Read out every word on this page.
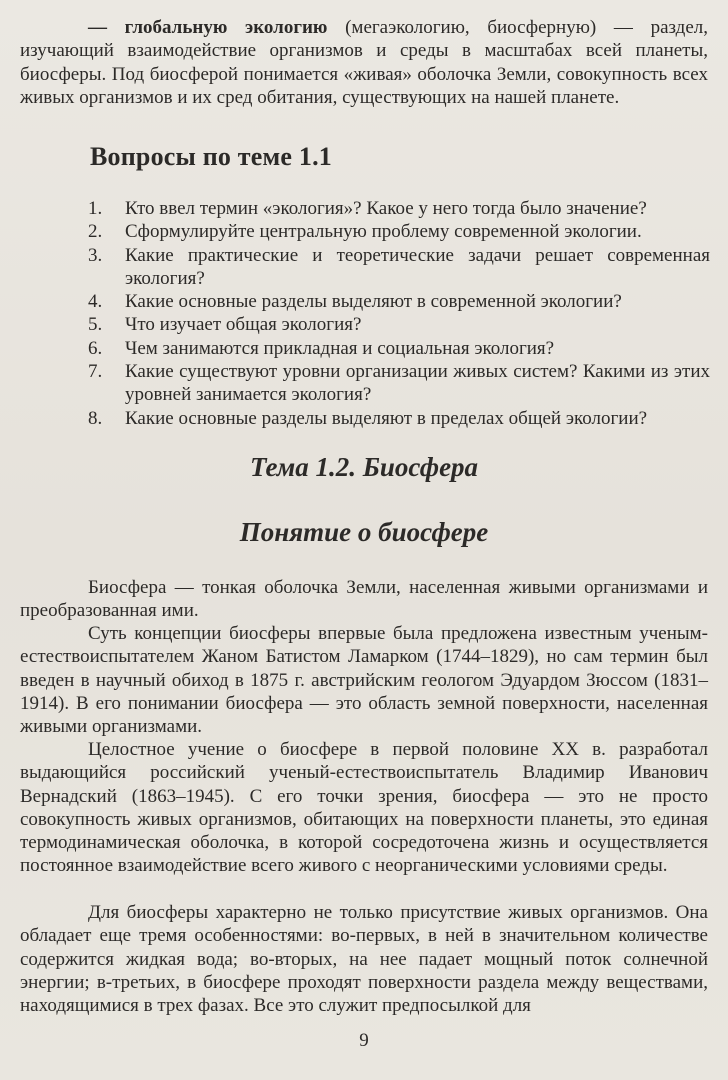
— глобальную экологию (мегаэкологию, биосферную) — раздел, изучающий взаимодействие организмов и среды в масштабах всей планеты, биосферы. Под биосферой понимается «живая» оболочка Земли, совокупность всех живых организмов и их сред обитания, существующих на нашей планете.

Вопросы по теме 1.1
1.	Кто ввел термин «экология»? Какое у него тогда было значение?
2.	Сформулируйте центральную проблему современной экологии.
3.	Какие практические и теоретические задачи решает современная экология?
4.	Какие основные разделы выделяют в современной экологии?
5.	Что изучает общая экология?
6.	Чем занимаются прикладная и социальная экология?
7.	Какие существуют уровни организации живых систем? Какими из этих уровней занимается экология?
8.	Какие основные разделы выделяют в пределах общей экологии?
Тема 1.2. Биосфера
Понятие о биосфере

Биосфера — тонкая оболочка Земли, населенная живыми организмами и преобразованная ими.

Суть концепции биосферы впервые была предложена известным ученым-естествоиспытателем Жаном Батистом Ламарком (1744–1829), но сам термин был введен в научный обиход в 1875 г. австрийским геологом Эдуардом Зюссом (1831–1914). В его понимании биосфера — это область земной поверхности, населенная живыми организмами.

Целостное учение о биосфере в первой половине XX в. разработал выдающийся российский ученый-естествоиспытатель Владимир Иванович Вернадский (1863–1945). С его точки зрения, биосфера — это не просто совокупность живых организмов, обитающих на поверхности планеты, это единая термодинамическая оболочка, в которой сосредоточена жизнь и осуществляется постоянное взаимодействие всего живого с неорганическими условиями среды.

Для биосферы характерно не только присутствие живых организмов. Она обладает еще тремя особенностями: во-первых, в ней в значительном количестве содержится жидкая вода; во-вторых, на нее падает мощный поток солнечной энергии; в-третьих, в биосфере проходят поверхности раздела между веществами, находящимися в трех фазах. Все это служит предпосылкой для

9
